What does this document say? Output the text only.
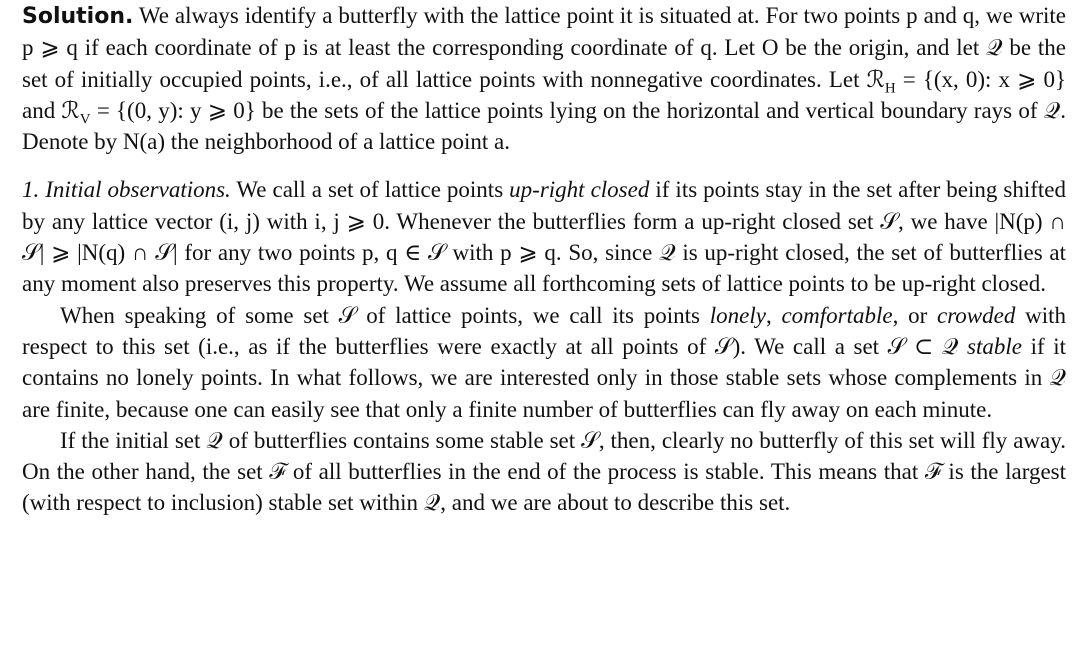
Solution. We always identify a butterfly with the lattice point it is situated at. For two points p and q, we write p ⩾ q if each coordinate of p is at least the corresponding coordinate of q. Let O be the origin, and let 𝒬 be the set of initially occupied points, i.e., of all lattice points with nonnegative coordinates. Let ℛ$_H$ = {(x, 0): x ⩾ 0} and ℛ$_V$ = {(0, y): y ⩾ 0} be the sets of the lattice points lying on the horizontal and vertical boundary rays of 𝒬. Denote by N(a) the neighborhood of a lattice point a.

1. Initial observations. We call a set of lattice points up-right closed if its points stay in the set after being shifted by any lattice vector (i, j) with i, j ⩾ 0. Whenever the butterflies form a up-right closed set 𝒮, we have |N(p) ∩ 𝒮| ⩾ |N(q) ∩ 𝒮| for any two points p, q ∈ 𝒮 with p ⩾ q. So, since 𝒬 is up-right closed, the set of butterflies at any moment also preserves this property. We assume all forthcoming sets of lattice points to be up-right closed.

When speaking of some set 𝒮 of lattice points, we call its points lonely, comfortable, or crowded with respect to this set (i.e., as if the butterflies were exactly at all points of 𝒮). We call a set 𝒮 ⊂ 𝒬 stable if it contains no lonely points. In what follows, we are interested only in those stable sets whose complements in 𝒬 are finite, because one can easily see that only a finite number of butterflies can fly away on each minute.

If the initial set 𝒬 of butterflies contains some stable set 𝒮, then, clearly no butterfly of this set will fly away. On the other hand, the set ℱ of all butterflies in the end of the process is stable. This means that ℱ is the largest (with respect to inclusion) stable set within 𝒬, and we are about to describe this set.
